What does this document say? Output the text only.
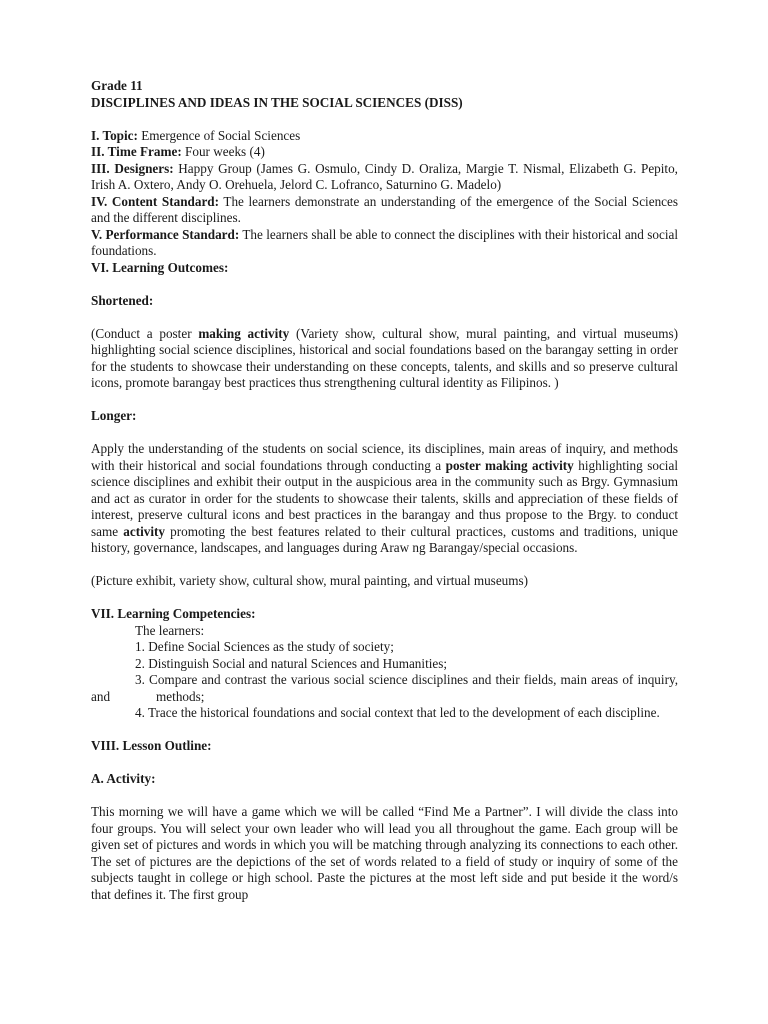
Grade 11

DISCIPLINES AND IDEAS IN THE SOCIAL SCIENCES (DISS)

I. Topic: Emergence of Social Sciences

II. Time Frame: Four weeks (4)

III. Designers: Happy Group (James G. Osmulo, Cindy D. Oraliza, Margie T. Nismal, Elizabeth G. Pepito, Irish A. Oxtero, Andy O. Orehuela, Jelord C. Lofranco, Saturnino G. Madelo)

IV. Content Standard: The learners demonstrate an understanding of the emergence of the Social Sciences and the different disciplines.

V. Performance Standard: The learners shall be able to connect the disciplines with their historical and social foundations.

VI. Learning Outcomes:

Shortened:

(Conduct a poster making activity (Variety show, cultural show, mural painting, and virtual museums) highlighting social science disciplines, historical and social foundations based on the barangay setting in order for the students to showcase their understanding on these concepts, talents, and skills and so preserve cultural icons, promote barangay best practices thus strengthening cultural identity as Filipinos. )

Longer:

Apply the understanding of the students on social science, its disciplines, main areas of inquiry, and methods with their historical and social foundations through conducting a poster making activity highlighting social science disciplines and exhibit their output in the auspicious area in the community such as Brgy. Gymnasium and act as curator in order for the students to showcase their talents, skills and appreciation of these fields of interest, preserve cultural icons and best practices in the barangay and thus propose to the Brgy. to conduct same activity promoting the best features related to their cultural practices, customs and traditions, unique history, governance, landscapes, and languages during Araw ng Barangay/special occasions.

(Picture exhibit, variety show, cultural show, mural painting, and virtual museums)

VII. Learning Competencies:

The learners:

1. Define Social Sciences as the study of society;

2. Distinguish Social and natural Sciences and Humanities;

3. Compare and contrast the various social science disciplines and their fields, main areas of inquiry, and	methods;

4. Trace the historical foundations and social context that led to the development of each discipline.

VIII. Lesson Outline:

A. Activity:

This morning we will have a game which we will be called “Find Me a Partner”. I will divide the class into four groups. You will select your own leader who will lead you all throughout the game. Each group will be given set of pictures and words in which you will be matching through analyzing its connections to each other. The set of pictures are the depictions of the set of words related to a field of study or inquiry of some of the subjects taught in college or high school. Paste the pictures at the most left side and put beside it the word/s that defines it. The first group
